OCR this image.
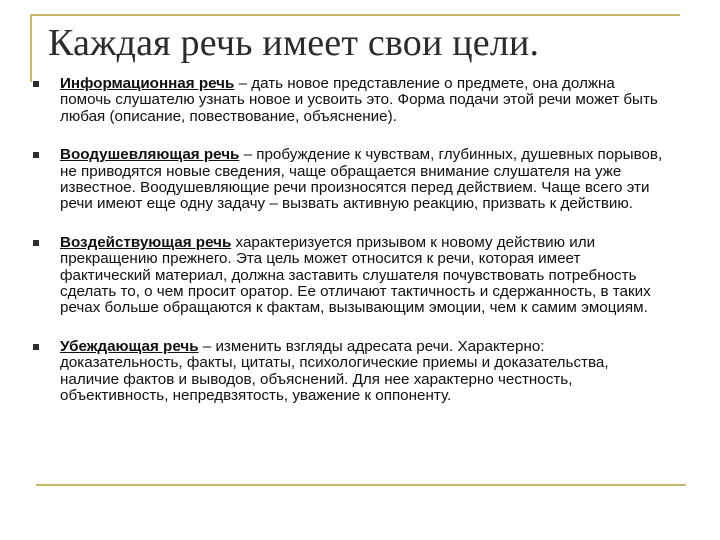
Каждая речь имеет свои цели.
Информационная речь – дать новое представление о предмете, она должна помочь слушателю узнать новое и усвоить это. Форма подачи этой речи может быть любая (описание, повествование, объяснение).
Воодушевляющая речь – пробуждение к чувствам, глубинных, душевных порывов, не приводятся новые сведения, чаще обращается внимание слушателя на уже известное. Воодушевляющие речи произносятся перед действием. Чаще всего эти речи имеют еще одну задачу – вызвать активную реакцию, призвать к действию.
Воздействующая речь характеризуется призывом к новому действию или прекращению прежнего. Эта цель может относится к речи, которая имеет фактический материал, должна заставить слушателя почувствовать потребность сделать то, о чем просит оратор. Ее отличают тактичность и сдержанность, в таких речах больше обращаются к фактам, вызывающим эмоции, чем к самим эмоциям.
Убеждающая речь – изменить взгляды адресата речи. Характерно: доказательность, факты, цитаты, психологические приемы и доказательства, наличие фактов и выводов, объяснений. Для нее характерно честность, объективность, непредвзятость, уважение к оппоненту.
